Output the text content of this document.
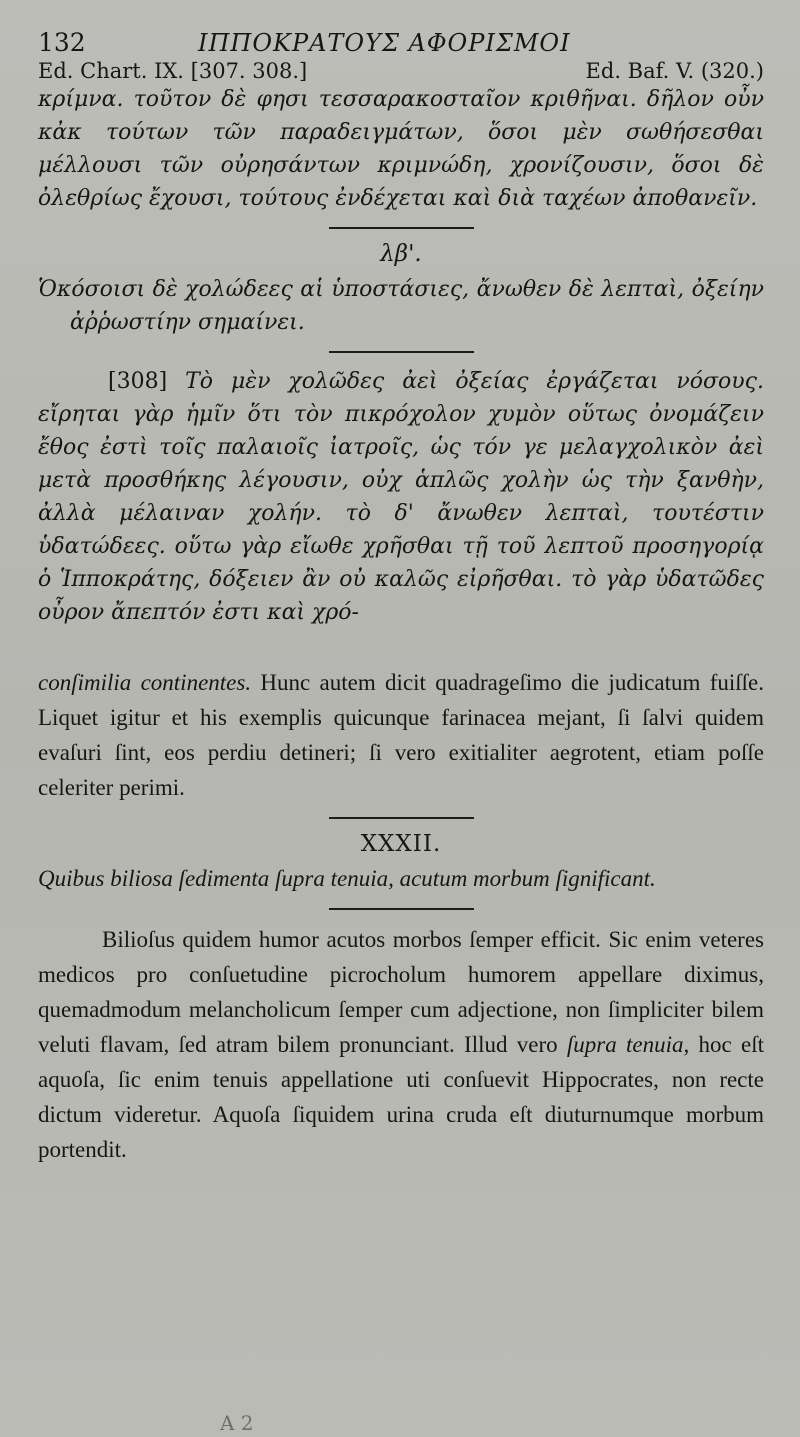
132	ΙΠΠΟΚΡΑΤΟΥΣ ΑΦΟΡΙΣΜΟΙ
Ed. Chart. IX. [307. 308.]	Ed. Baf. V. (320.)

κρίμνα. τοῦτον δὲ φησι τεσσαρακοσταῖον κριθῆναι. δῆλον οὖν κἀκ τούτων τῶν παραδειγμάτων, ὅσοι μὲν σωθήσεσθαι μέλλουσι τῶν οὐρησάντων κριμνώδη, χρονίζουσιν, ὅσοι δὲ ὀλεθρίως ἔχουσι, τούτους ἐνδέχεται καὶ διὰ ταχέων ἀποθανεῖν.

λβ'.

Ὁκόσοισι δὲ χολώδεες αἱ ὑποστάσιες, ἄνωθεν δὲ λεπταὶ, ὀξείην ἀῤῥωστίην σημαίνει.

[308] Τὸ μὲν χολῶδες ἀεὶ ὀξείας ἐργάζεται νόσους. εἴρηται γὰρ ἡμῖν ὅτι τὸν πικρόχολον χυμὸν οὕτως ὀνομάζειν ἔθος ἐστὶ τοῖς παλαιοῖς ἰατροῖς, ὡς τόν γε μελαγχολικὸν ἀεὶ μετὰ προσθήκης λέγουσιν, οὐχ ἁπλῶς χολὴν ὡς τὴν ξανθὴν, ἀλλὰ μέλαιναν χολήν. τὸ δ' ἄνωθεν λεπταὶ, τουτέστιν ὑδατώδεες. οὕτω γὰρ εἴωθε χρῆσθαι τῇ τοῦ λεπτοῦ προσηγορίᾳ ὁ Ἱπποκράτης, δόξειεν ἂν οὐ καλῶς εἰρῆσθαι. τὸ γὰρ ὑδατῶδες οὖρον ἄπεπτόν ἐστι καὶ χρό-

conſimilia continentes. Hunc autem dicit quadrageſimo die judicatum fuiſſe. Liquet igitur et his exemplis quicunque farinacea mejant, ſi ſalvi quidem evaſuri ſint, eos perdiu detineri; ſi vero exitialiter aegrotent, etiam poſſe celeriter perimi.

XXXII.

Quibus biliosa ſedimenta ſupra tenuia, acutum morbum ſignificant.

Bilioſus quidem humor acutos morbos ſemper efficit. Sic enim veteres medicos pro conſuetudine picrocholum humorem appellare diximus, quemadmodum melancholicum ſemper cum adjectione, non ſimpliciter bilem veluti flavam, ſed atram bilem pronunciant. Illud vero ſupra tenuia, hoc eſt aquoſa, ſic enim tenuis appellatione uti conſuevit Hippocrates, non recte dictum videretur. Aquoſa ſiquidem urina cruda eſt diuturnumque morbum portendit.

A 2
